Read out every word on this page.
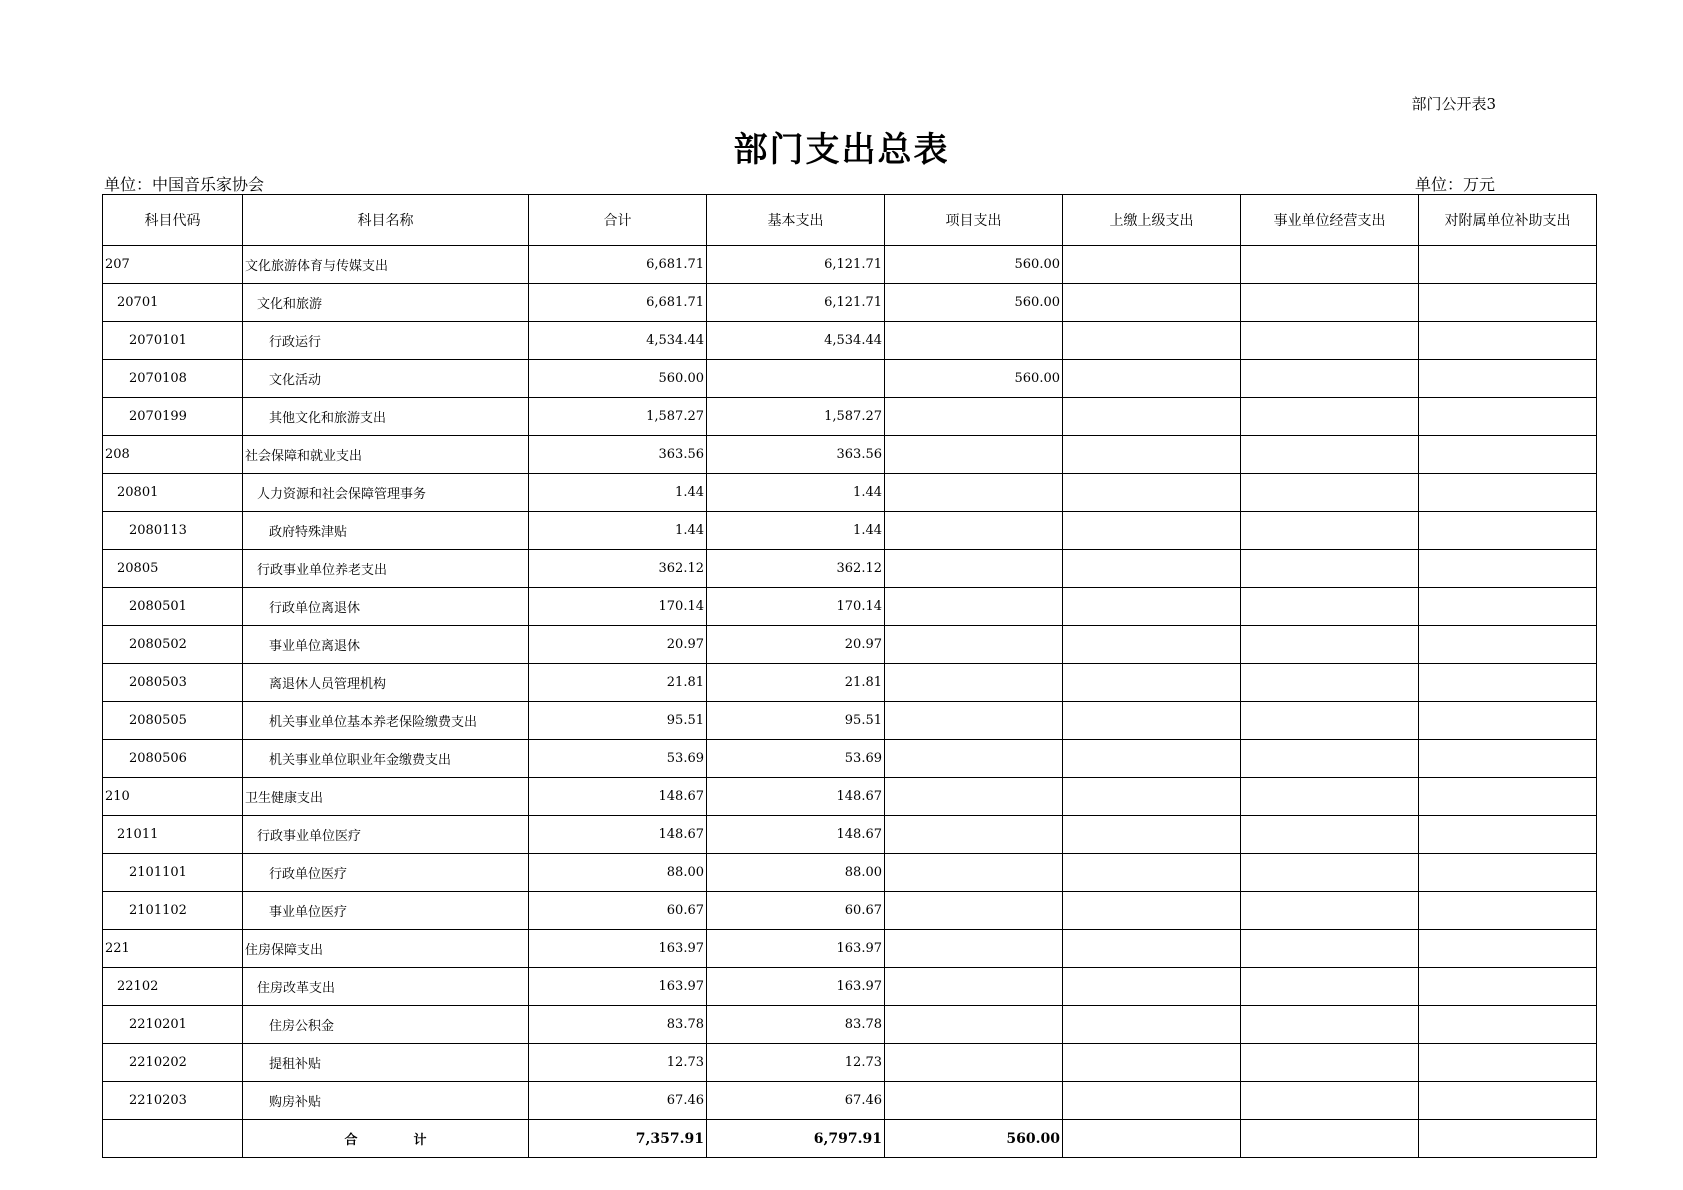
部门公开表3
部门支出总表
单位：中国音乐家协会	单位：万元
科目代码	科目名称	合计	基本支出	项目支出	上缴上级支出	事业单位经营支出	对附属单位补助支出
207	文化旅游体育与传媒支出	6,681.71	6,121.71	560.00			
20701	文化和旅游	6,681.71	6,121.71	560.00			
2070101	行政运行	4,534.44	4,534.44				
2070108	文化活动	560.00		560.00			
2070199	其他文化和旅游支出	1,587.27	1,587.27				
208	社会保障和就业支出	363.56	363.56				
20801	人力资源和社会保障管理事务	1.44	1.44				
2080113	政府特殊津贴	1.44	1.44				
20805	行政事业单位养老支出	362.12	362.12				
2080501	行政单位离退休	170.14	170.14				
2080502	事业单位离退休	20.97	20.97				
2080503	离退休人员管理机构	21.81	21.81				
2080505	机关事业单位基本养老保险缴费支出	95.51	95.51				
2080506	机关事业单位职业年金缴费支出	53.69	53.69				
210	卫生健康支出	148.67	148.67				
21011	行政事业单位医疗	148.67	148.67				
2101101	行政单位医疗	88.00	88.00				
2101102	事业单位医疗	60.67	60.67				
221	住房保障支出	163.97	163.97				
22102	住房改革支出	163.97	163.97				
2210201	住房公积金	83.78	83.78				
2210202	提租补贴	12.73	12.73				
2210203	购房补贴	67.46	67.46				
	合 计	7,357.91	6,797.91	560.00			
